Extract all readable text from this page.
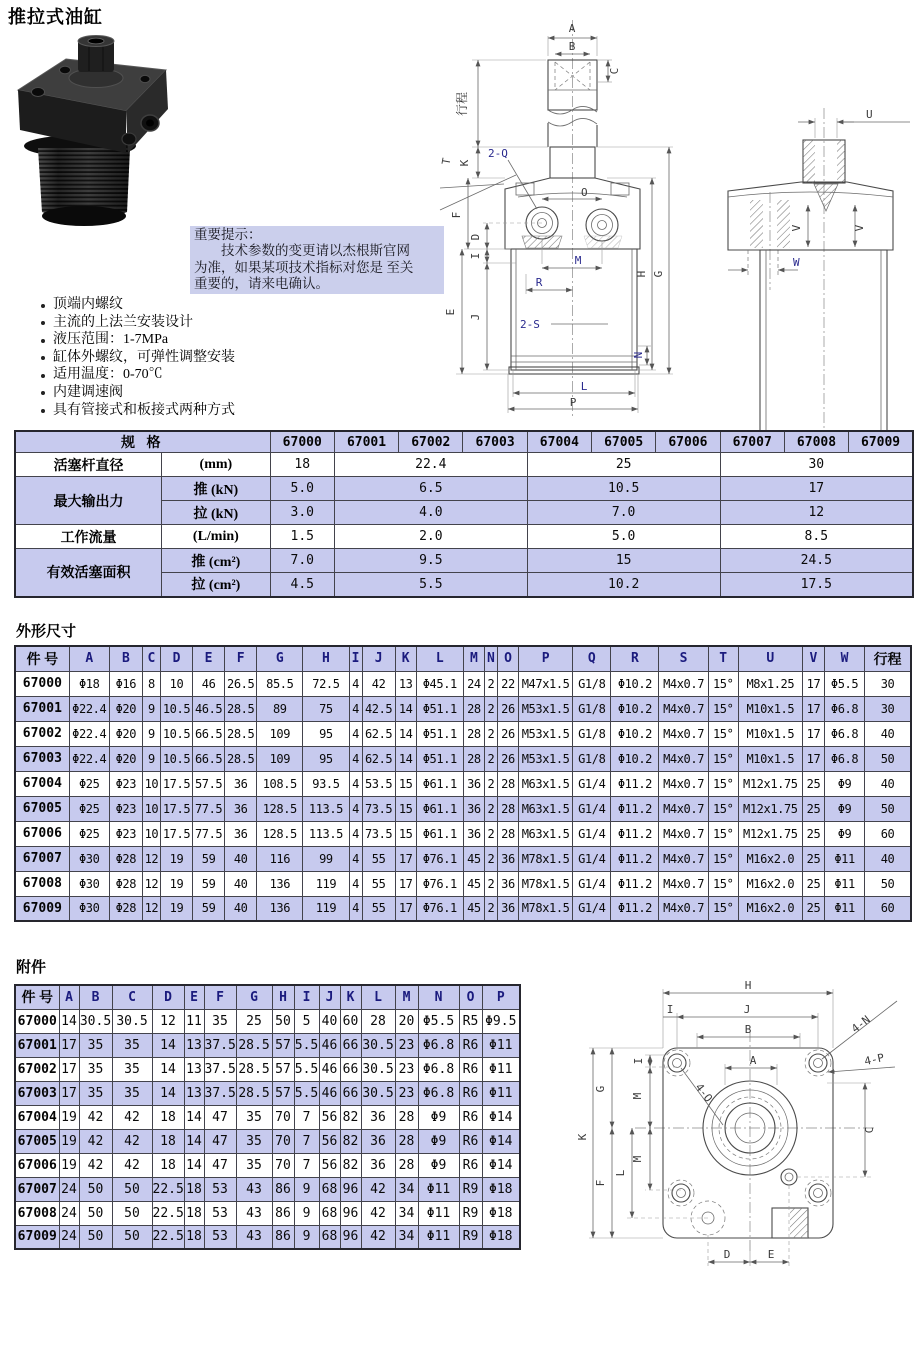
推拉式油缸
A
B
C
行程
K
2-Q
T
O
M
R
2-S
D
I
F
E
J
N
H G
L
P
U
V	V
W
重要提示：
　　技术参数的变更请以杰根斯官网
为准，如果某项技术指标对您是 至关
重要的，请来电确认。
顶端内螺纹
主流的上法兰安装设计
液压范围：1-7MPa
缸体外螺纹，可弹性调整安装
适用温度：0-70℃
内建调速阀
具有管接式和板接式两种方式
规 格		67000	67001	67002	67003	67004	67005	67006	67007	67008	67009
活塞杆直径	(mm)	18	22.4			25			30		
最大输出力	推 (kN)	5.0	6.5			10.5			17		
	拉 (kN)	3.0	4.0			7.0			12		
工作流量	(L/min)	1.5	2.0			5.0			8.5		
有效活塞面积	推 (cm²)	7.0	9.5			15			24.5		
	拉 (cm²)	4.5	5.5			10.2			17.5		
外形尺寸
件 号	A	B	C	D	E	F	G	H	I	J	K	L	M	N	O	P	Q	R	S	T	U	V	W	行程
67000	Φ18	Φ16	8	10	46	26.5	85.5	72.5	4	42	13	Φ45.1	24	2	22	M47x1.5	G1/8	Φ10.2	M4x0.7	15°	M8x1.25	17	Φ5.5	30
67001	Φ22.4	Φ20	9	10.5	46.5	28.5	89	75	4	42.5	14	Φ51.1	28	2	26	M53x1.5	G1/8	Φ10.2	M4x0.7	15°	M10x1.5	17	Φ6.8	30
67002	Φ22.4	Φ20	9	10.5	66.5	28.5	109	95	4	62.5	14	Φ51.1	28	2	26	M53x1.5	G1/8	Φ10.2	M4x0.7	15°	M10x1.5	17	Φ6.8	40
67003	Φ22.4	Φ20	9	10.5	66.5	28.5	109	95	4	62.5	14	Φ51.1	28	2	26	M53x1.5	G1/8	Φ10.2	M4x0.7	15°	M10x1.5	17	Φ6.8	50
67004	Φ25	Φ23	10	17.5	57.5	36	108.5	93.5	4	53.5	15	Φ61.1	36	2	28	M63x1.5	G1/4	Φ11.2	M4x0.7	15°	M12x1.75	25	Φ9	40
67005	Φ25	Φ23	10	17.5	77.5	36	128.5	113.5	4	73.5	15	Φ61.1	36	2	28	M63x1.5	G1/4	Φ11.2	M4x0.7	15°	M12x1.75	25	Φ9	50
67006	Φ25	Φ23	10	17.5	77.5	36	128.5	113.5	4	73.5	15	Φ61.1	36	2	28	M63x1.5	G1/4	Φ11.2	M4x0.7	15°	M12x1.75	25	Φ9	60
67007	Φ30	Φ28	12	19	59	40	116	99	4	55	17	Φ76.1	45	2	36	M78x1.5	G1/4	Φ11.2	M4x0.7	15°	M16x2.0	25	Φ11	40
67008	Φ30	Φ28	12	19	59	40	136	119	4	55	17	Φ76.1	45	2	36	M78x1.5	G1/4	Φ11.2	M4x0.7	15°	M16x2.0	25	Φ11	50
67009	Φ30	Φ28	12	19	59	40	136	119	4	55	17	Φ76.1	45	2	36	M78x1.5	G1/4	Φ11.2	M4x0.7	15°	M16x2.0	25	Φ11	60
附件
件 号	A	B	C	D	E	F	G	H	I	J	K	L	M	N	O	P
67000	14	30.5	30.5	12	11	35	25	50	5	40	60	28	20	Φ5.5	R5	Φ9.5
67001	17	35	35	14	13	37.5	28.5	57	5.5	46	66	30.5	23	Φ6.8	R6	Φ11
67002	17	35	35	14	13	37.5	28.5	57	5.5	46	66	30.5	23	Φ6.8	R6	Φ11
67003	17	35	35	14	13	37.5	28.5	57	5.5	46	66	30.5	23	Φ6.8	R6	Φ11
67004	19	42	42	18	14	47	35	70	7	56	82	36	28	Φ9	R6	Φ14
67005	19	42	42	18	14	47	35	70	7	56	82	36	28	Φ9	R6	Φ14
67006	19	42	42	18	14	47	35	70	7	56	82	36	28	Φ9	R6	Φ14
67007	24	50	50	22.5	18	53	43	86	9	68	96	42	34	Φ11	R9	Φ18
67008	24	50	50	22.5	18	53	43	86	9	68	96	42	34	Φ11	R9	Φ18
67009	24	50	50	22.5	18	53	43	86	9	68	96	42	34	Φ11	R9	Φ18
H
I	J
B
A
4-N
4-P
4-O
K
G
F
L
I
M
M
C
D	E
